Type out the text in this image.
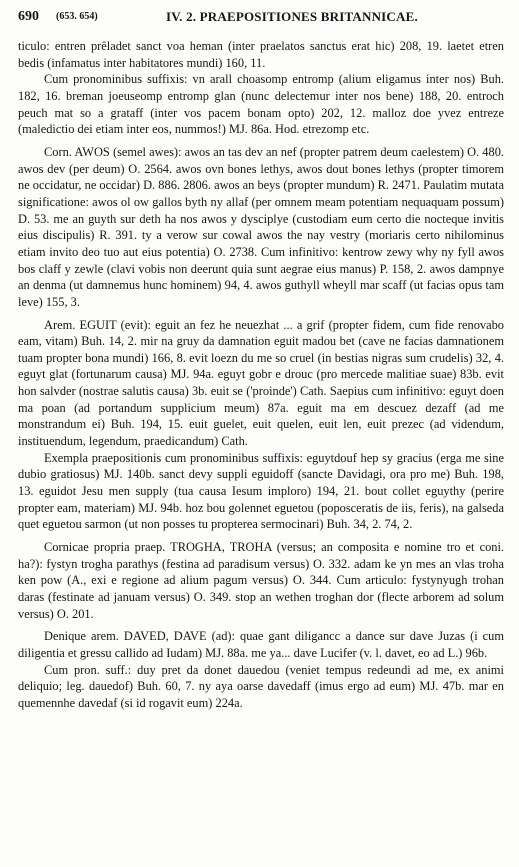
690 (653. 654)	IV. 2. PRAEPOSITIONES BRITANNICAE.

ticulo: entren prêladet sanct voa heman (inter praelatos sanctus erat hic) 208, 19. laetet etren bedis (infamatus inter habitatores mundi) 160, 11.

Cum pronominibus suffixis: vn arall choasomp entromp (alium eligamus inter nos) Buh. 182, 16. breman joeuseomp entromp glan (nunc delectemur inter nos bene) 188, 20. entroch peuch mat so a grataff (inter vos pacem bonam opto) 202, 12. malloz doe yvez entreze (maledictio dei etiam inter eos, nummos!) MJ. 86a. Hod. etrezomp etc.

Corn. AWOS (semel awes): awos an tas dev an nef (propter patrem deum caelestem) O. 480. awos dev (per deum) O. 2564. awos ovn bones lethys, awos dout bones lethys (propter timorem ne occidatur, ne occidar) D. 886. 2806. awos an beys (propter mundum) R. 2471. Paulatim mutata significatione: awos ol ow gallos byth ny allaf (per omnem meam potentiam nequaquam possum) D. 53. me an guyth sur deth ha nos awos y dysciplye (custodiam eum certo die nocteque invitis eius discipulis) R. 391. ty a verow sur cowal awos the nay vestry (moriaris certo nihilominus etiam invito deo tuo aut eius potentia) O. 2738. Cum infinitivo: kentrow zewy why ny fyll awos bos claff y zewle (clavi vobis non deerunt quia sunt aegrae eius manus) P. 158, 2. awos dampnye an denma (ut damnemus hunc hominem) 94, 4. awos guthyll wheyll mar scaff (ut facias opus tam leve) 155, 3.

Arem. EGUIT (evit): eguit an fez he neuezhat ... a grif (propter fidem, cum fide renovabo eam, vitam) Buh. 14, 2. mir na gruy da damnation eguit madou bet (cave ne facias damnationem tuam propter bona mundi) 166, 8. evit loezn du me so cruel (in bestias nigras sum crudelis) 32, 4. eguyt glat (fortunarum causa) MJ. 94a. eguyt gobr e drouc (pro mercede malitiae suae) 83b. evit hon salvder (nostrae salutis causa) 3b. euit se ('proinde') Cath. Saepius cum infinitivo: eguyt doen ma poan (ad portandum supplicium meum) 87a. eguit ma em descuez dezaff (ad me monstrandum ei) Buh. 194, 15. euit guelet, euit quelen, euit len, euit prezec (ad videndum, instituendum, legendum, praedicandum) Cath.

Exempla praepositionis cum pronominibus suffixis: eguytdouf hep sy gracius (erga me sine dubio gratiosus) MJ. 140b. sanct devy suppli eguidoff (sancte Davidagi, ora pro me) Buh. 198, 13. eguidot Jesu men supply (tua causa Iesum imploro) 194, 21. bout collet eguythy (perire propter eam, materiam) MJ. 94b. hoz bou golennet eguetou (poposceratis de iis, feris), na galseda quet eguetou sarmon (ut non posses tu propterea sermocinari) Buh. 34, 2. 74, 2.

Cornicae propria praep. TROGHA, TROHA (versus; an composita e nomine tro et coni. ha?): fystyn trogha parathys (festina ad paradisum versus) O. 332. adam ke yn mes an vlas troha ken pow (A., exi e regione ad alium pagum versus) O. 344. Cum articulo: fystynyugh trohan daras (festinate ad januam versus) O. 349. stop an wethen troghan dor (flecte arborem ad solum versus) O. 201.

Denique arem. DAVED, DAVE (ad): quae gant diligancc a dance sur dave Juzas (i cum diligentia et gressu callido ad Iudam) MJ. 88a. me ya... dave Lucifer (v. l. davet, eo ad L.) 96b.

Cum pron. suff.: duy pret da donet dauedou (veniet tempus redeundi ad me, ex animi deliquio; leg. dauedof) Buh. 60, 7. ny aya oarse davedaff (imus ergo ad eum) MJ. 47b. mar en quemennhe davedaf (si id rogavit eum) 224a.
